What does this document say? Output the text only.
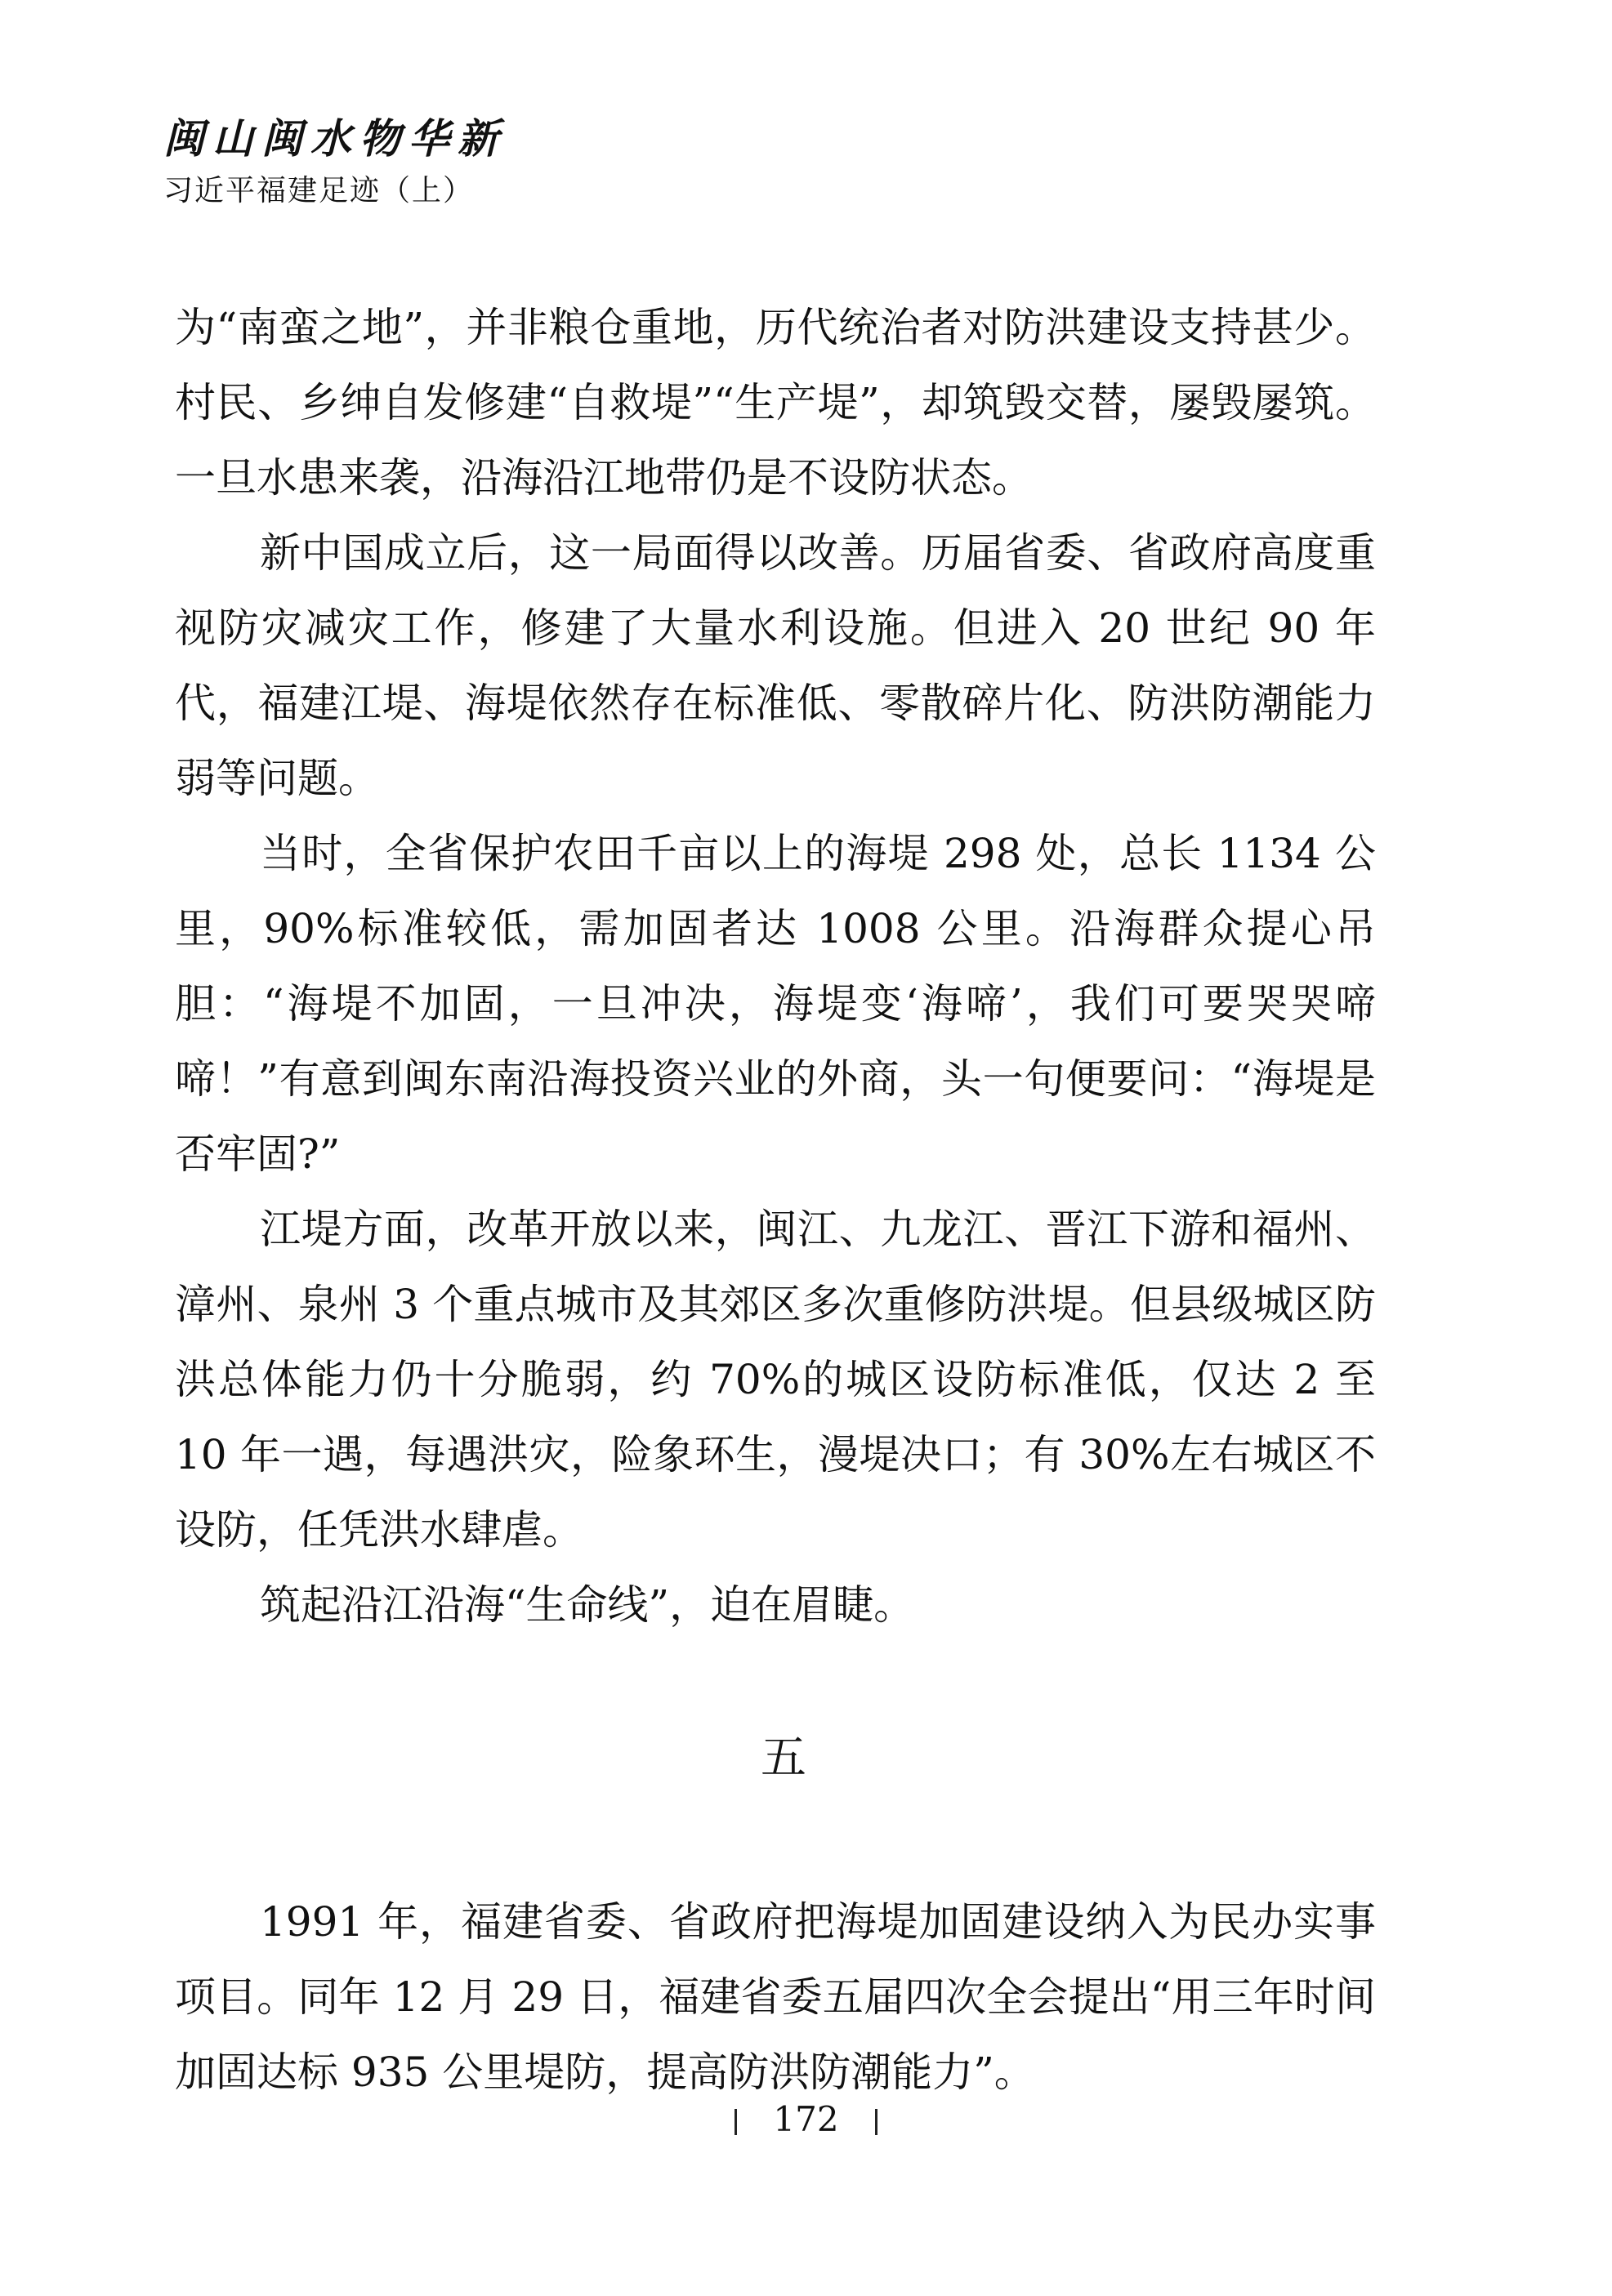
闽山闽水物华新
习近平福建足迹（上）

为“南蛮之地”，并非粮仓重地，历代统治者对防洪建设支持甚少。村民、乡绅自发修建“自救堤”“生产堤”，却筑毁交替，屡毁屡筑。一旦水患来袭，沿海沿江地带仍是不设防状态。

新中国成立后，这一局面得以改善。历届省委、省政府高度重视防灾减灾工作，修建了大量水利设施。但进入 20 世纪 90 年代，福建江堤、海堤依然存在标准低、零散碎片化、防洪防潮能力弱等问题。

当时，全省保护农田千亩以上的海堤 298 处，总长 1134 公里，90%标准较低，需加固者达 1008 公里。沿海群众提心吊胆：“海堤不加固，一旦冲决，海堤变‘海啼’，我们可要哭哭啼啼！”有意到闽东南沿海投资兴业的外商，头一句便要问：“海堤是否牢固?”

江堤方面，改革开放以来，闽江、九龙江、晋江下游和福州、漳州、泉州 3 个重点城市及其郊区多次重修防洪堤。但县级城区防洪总体能力仍十分脆弱，约 70%的城区设防标准低，仅达 2 至 10 年一遇，每遇洪灾，险象环生，漫堤决口；有 30%左右城区不设防，任凭洪水肆虐。

筑起沿江沿海“生命线”，迫在眉睫。

五

1991 年，福建省委、省政府把海堤加固建设纳入为民办实事项目。同年 12 月 29 日，福建省委五届四次全会提出“用三年时间加固达标 935 公里堤防，提高防洪防潮能力”。

172
